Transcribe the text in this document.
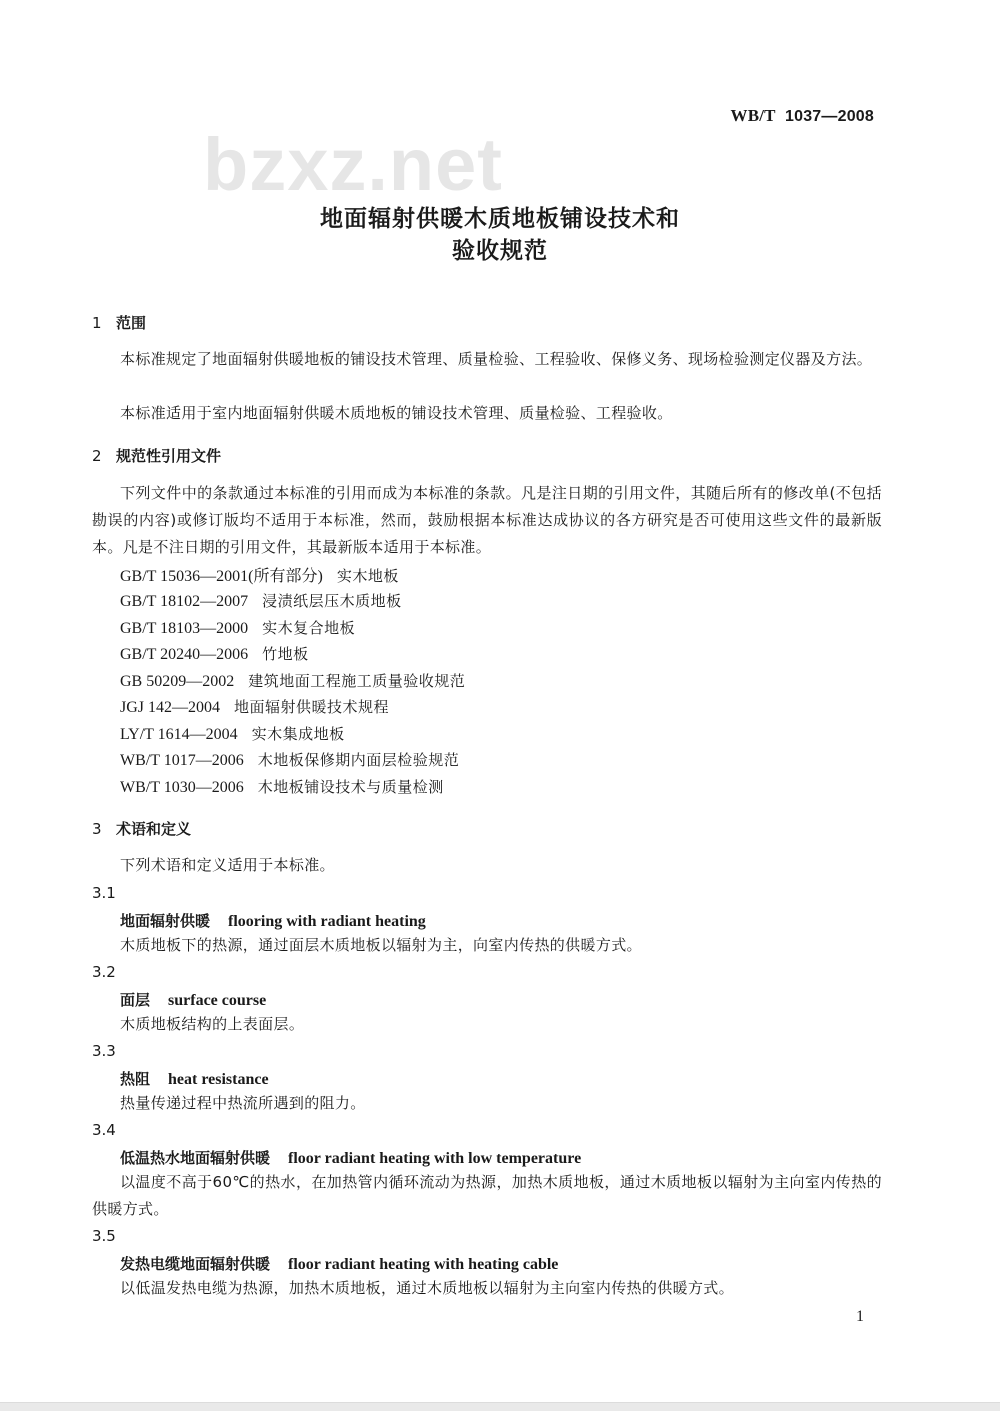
WB/T 1037—2008
bzxz.net
地面辐射供暖木质地板铺设技术和
验收规范
1 范围
本标准规定了地面辐射供暖地板的铺设技术管理、质量检验、工程验收、保修义务、现场检验测定仪器及方法。
本标准适用于室内地面辐射供暖木质地板的铺设技术管理、质量检验、工程验收。
2 规范性引用文件
下列文件中的条款通过本标准的引用而成为本标准的条款。凡是注日期的引用文件，其随后所有的修改单(不包括勘误的内容)或修订版均不适用于本标准，然而，鼓励根据本标准达成协议的各方研究是否可使用这些文件的最新版本。凡是不注日期的引用文件，其最新版本适用于本标准。
GB/T 15036—2001(所有部分) 实木地板
GB/T 18102—2007 浸渍纸层压木质地板
GB/T 18103—2000 实木复合地板
GB/T 20240—2006 竹地板
GB 50209—2002 建筑地面工程施工质量验收规范
JGJ 142—2004 地面辐射供暖技术规程
LY/T 1614—2004 实木集成地板
WB/T 1017—2006 木地板保修期内面层检验规范
WB/T 1030—2006 木地板铺设技术与质量检测
3 术语和定义
下列术语和定义适用于本标准。
3.1
地面辐射供暖 flooring with radiant heating
木质地板下的热源，通过面层木质地板以辐射为主，向室内传热的供暖方式。
3.2
面层 surface course
木质地板结构的上表面层。
3.3
热阻 heat resistance
热量传递过程中热流所遇到的阻力。
3.4
低温热水地面辐射供暖 floor radiant heating with low temperature
以温度不高于60℃的热水，在加热管内循环流动为热源，加热木质地板，通过木质地板以辐射为主向室内传热的供暖方式。
3.5
发热电缆地面辐射供暖 floor radiant heating with heating cable
以低温发热电缆为热源，加热木质地板，通过木质地板以辐射为主向室内传热的供暖方式。
1
